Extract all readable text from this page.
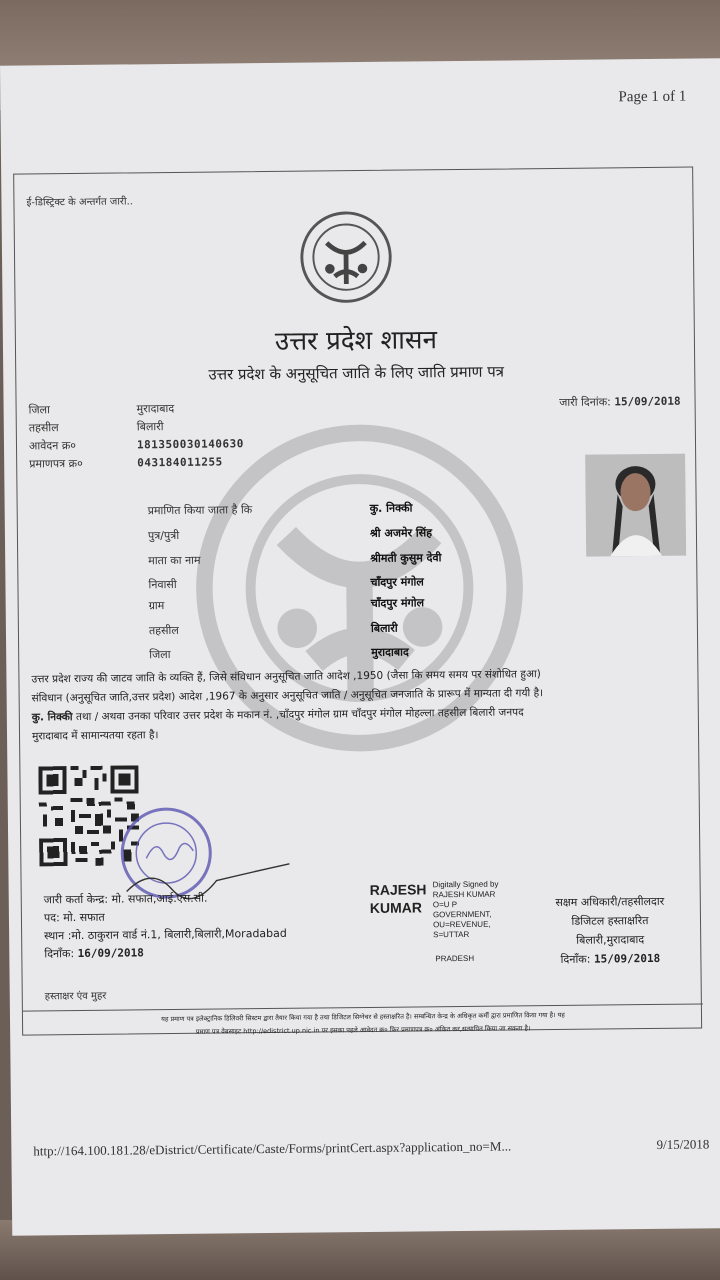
Page 1 of 1
ई-डिस्ट्रिक्ट के अन्तर्गत जारी..
उत्तर प्रदेश शासन
उत्तर प्रदेश के अनुसूचित जाति के लिए जाति प्रमाण पत्र
जिला	मुरादाबाद
तहसील	बिलारी
आवेदन क्र०	181350030140630
प्रमाणपत्र क्र०	043184011255
जारी दिनांक: 15/09/2018
प्रमाणित किया जाता है कि	कु. निक्की
पुत्र/पुत्री	श्री अजमेर सिंह
माता का नाम	श्रीमती कुसुम देवी
निवासी	चाँदपुर मंगोल
ग्राम	चाँदपुर मंगोल
तहसील	बिलारी
जिला	मुरादाबाद
उत्तर प्रदेश राज्य की जाटव जाति के व्यक्ति हैं, जिसे संविधान अनुसूचित जाति आदेश ,1950 (जैसा कि समय समय पर संशोधित हुआ)
संविधान (अनुसूचित जाति,उत्तर प्रदेश) आदेश ,1967 के अनुसार अनुसूचित जाति / अनुसूचित जनजाति के प्रारूप में मान्यता दी गयी है।
कु. निक्की तथा / अथवा उनका परिवार उत्तर प्रदेश के मकान नं. ,चाँदपुर मंगोल ग्राम चाँदपुर मंगोल मोहल्ला तहसील बिलारी जनपद
मुरादाबाद में सामान्यतया रहता है।
जारी कर्ता केन्द्र: मो. सफात,आई.एस.सी.
पद: मो. सफात
स्थान :मो. ठाकुरान वार्ड नं.1, बिलारी,बिलारी,Moradabad
दिनाँक: 16/09/2018
RAJESH
KUMAR
Digitally Signed by
RAJESH KUMAR
O=U P
GOVERNMENT,
OU=REVENUE,
S=UTTAR
PRADESH
सक्षम अधिकारी/तहसीलदार
डिजिटल हस्ताक्षरित
बिलारी,मुरादाबाद
दिनाँक: 15/09/2018
हस्ताक्षर एंव मुहर
यह प्रमाण पत्र इलेक्ट्रानिक डिलिवरी सिस्टम द्वारा तैयार किया गया है तथा डिजिटल सिग्नेचर से हस्ताक्षरित है। सम्बन्धित केन्द्र के अधिकृत कर्मी द्वारा प्रमाणित किया गया है। यह
प्रमाण पत्र वेबसाइट http://edistrict.up.nic.in पर इसका पहले आवेदन क्र० फिर प्रमाणपत्र क्र० अंकित कर,सत्यापित किया जा सकता है।
http://164.100.181.28/eDistrict/Certificate/Caste/Forms/printCert.aspx?application_no=M...	9/15/2018
